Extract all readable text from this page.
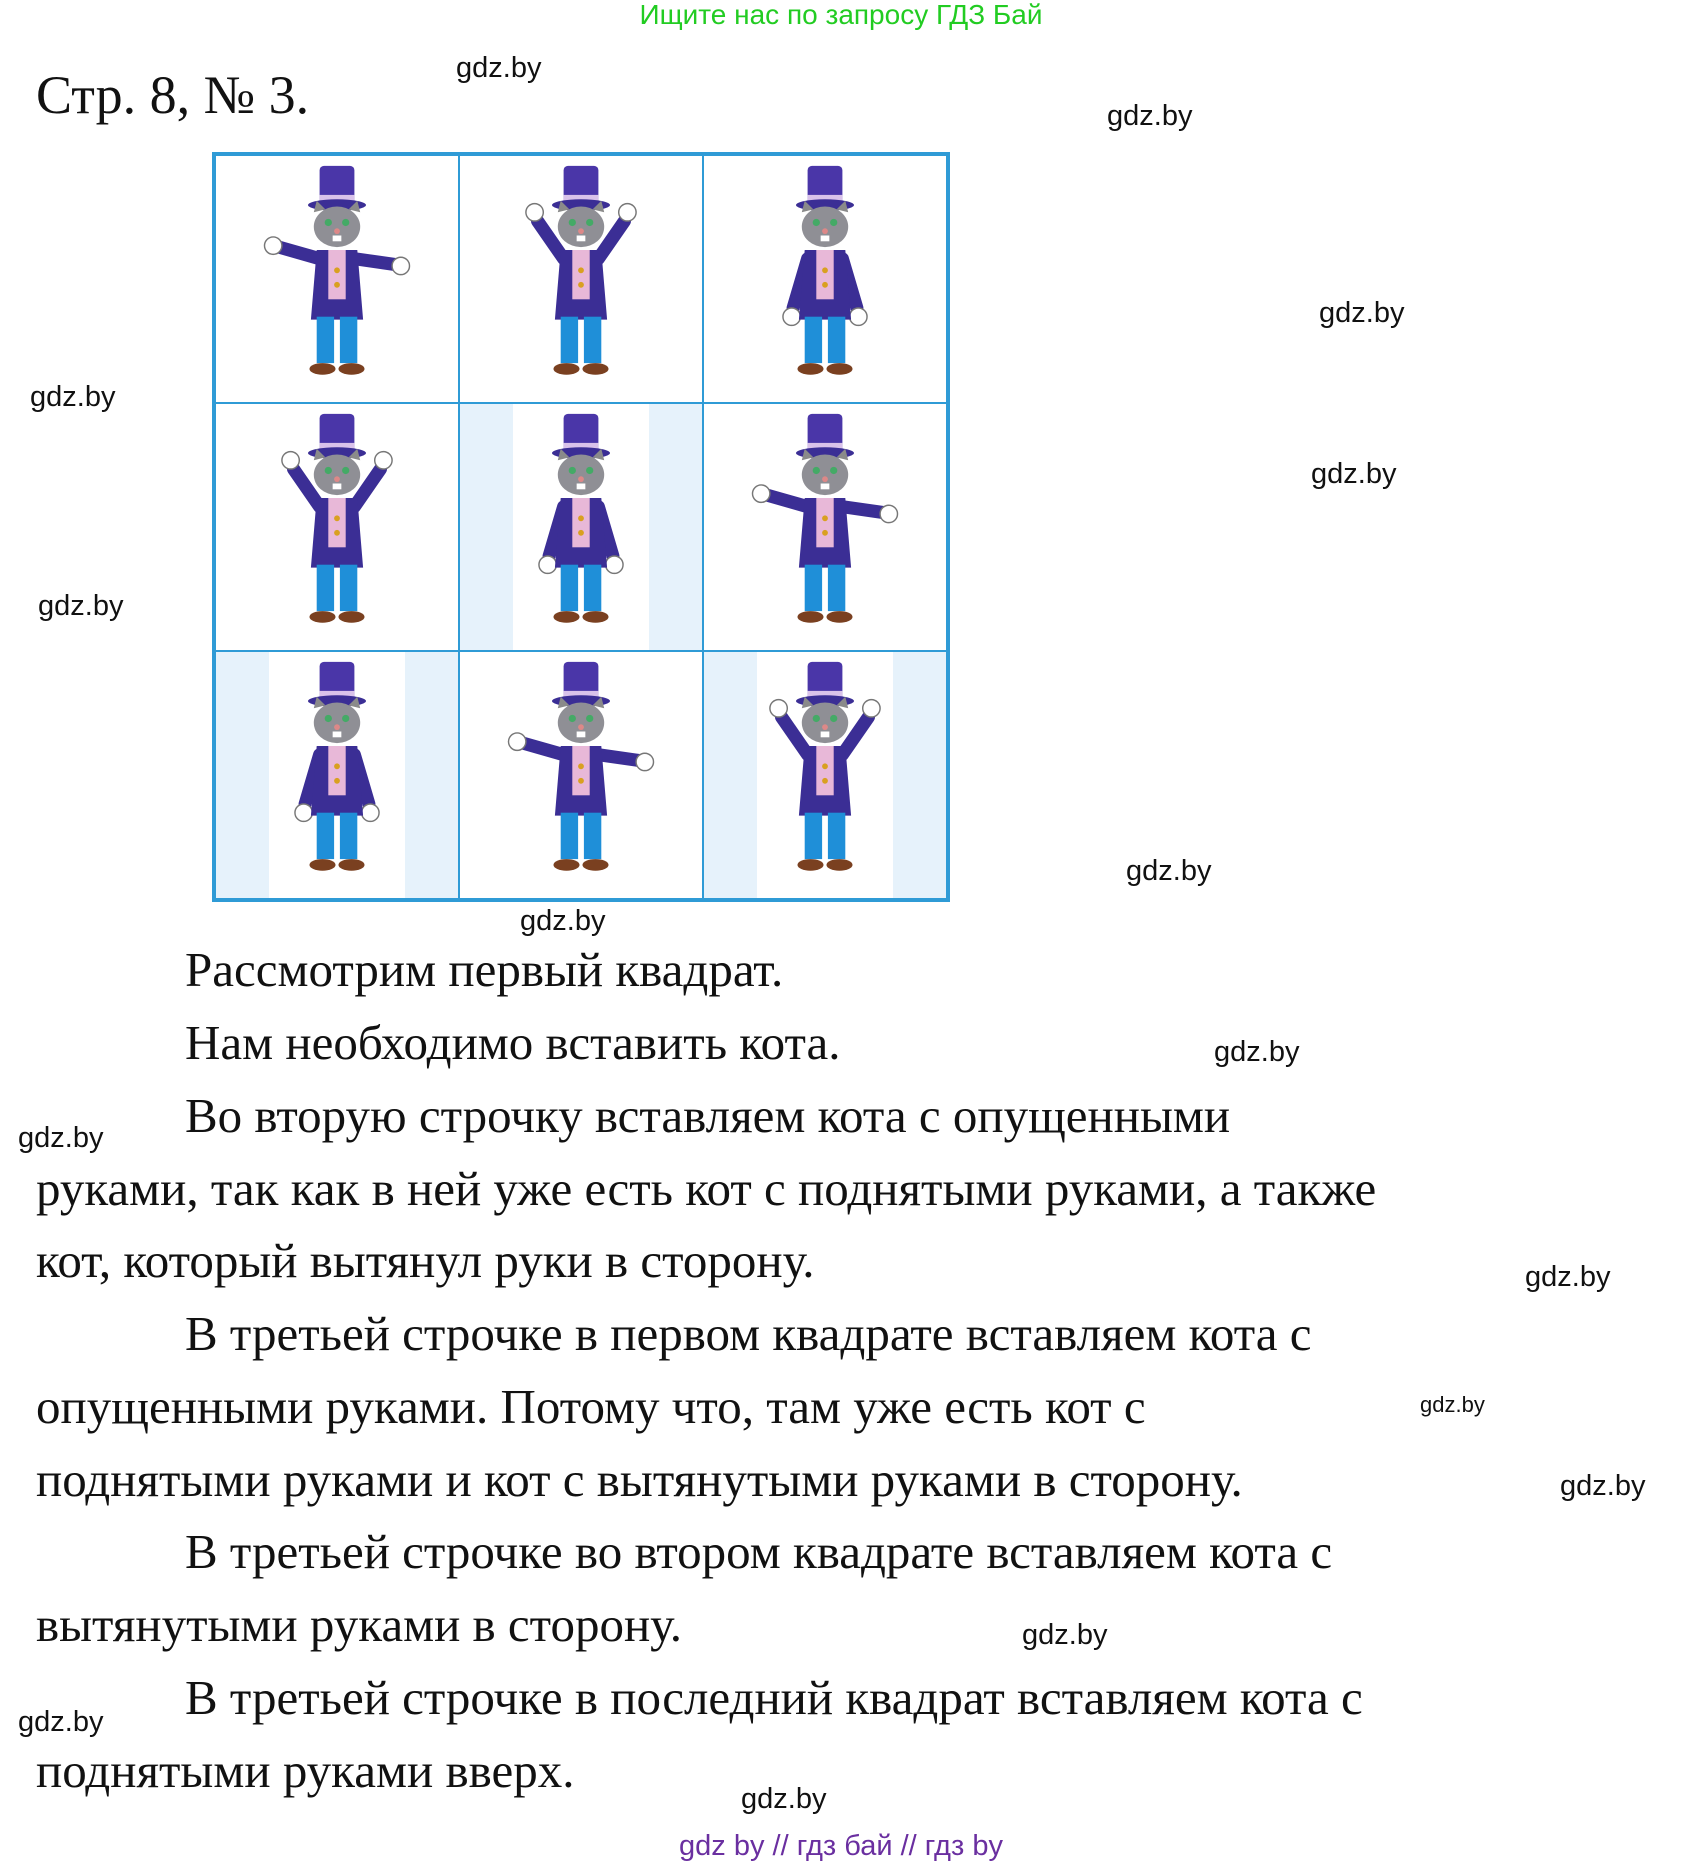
Ищите нас по запросу ГДЗ Бай
Стр. 8, № 3.
Рассмотрим первый квадрат.
Нам необходимо вставить кота.
Во вторую строчку вставляем кота с опущенными
руками, так как в ней уже есть кот с поднятыми руками, а также
кот, который вытянул руки в сторону.
В третьей строчке в первом квадрате вставляем кота с
опущенными руками. Потому что, там уже есть кот с
поднятыми руками и кот с вытянутыми руками в сторону.
В третьей строчке во втором квадрате вставляем кота с
вытянутыми руками в сторону.
В третьей строчке в последний квадрат вставляем кота с
поднятыми руками вверх.
gdz.by
gdz.by
gdz.by
gdz.by
gdz.by
gdz.by
gdz.by
gdz.by
gdz.by
gdz.by
gdz.by
gdz.by
gdz.by
gdz.by
gdz.by
gdz.by
gdz by // гдз бай // гдз by
